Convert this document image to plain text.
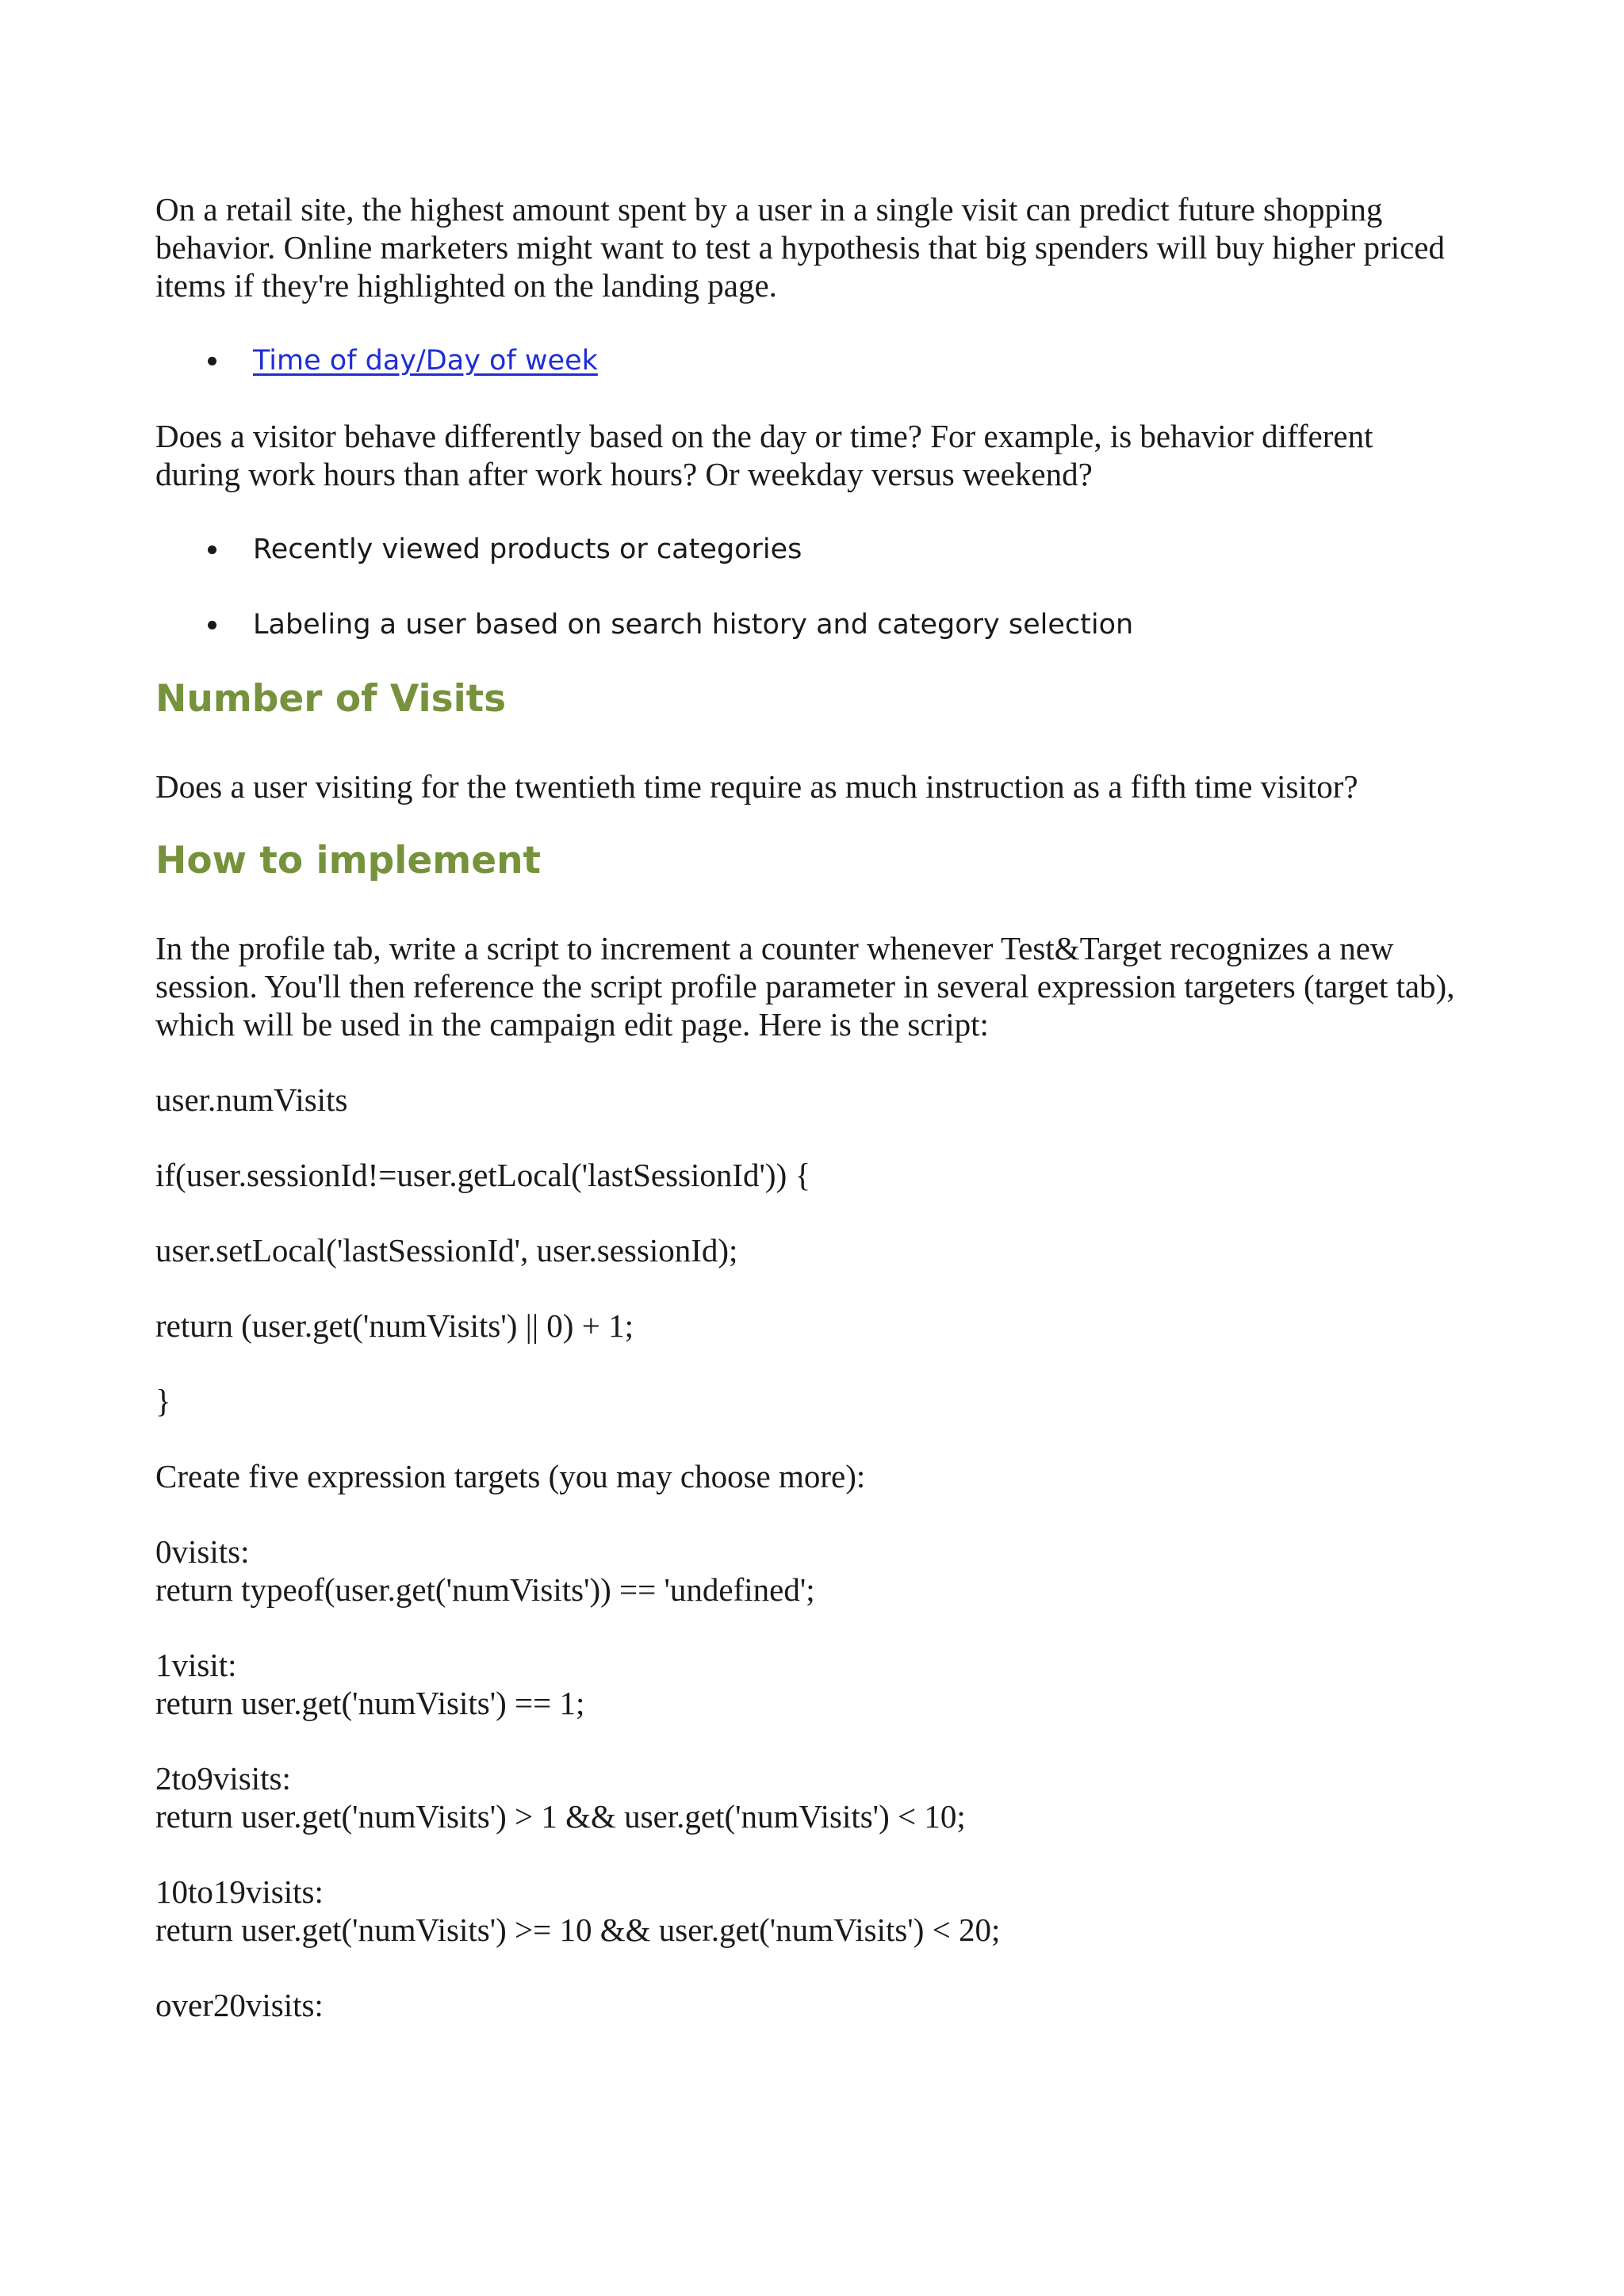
On a retail site, the highest amount spent by a user in a single visit can predict future shopping
behavior. Online marketers might want to test a hypothesis that big spenders will buy higher priced
items if they're highlighted on the landing page.
Time of day/Day of week
Does a visitor behave differently based on the day or time? For example, is behavior different
during work hours than after work hours? Or weekday versus weekend?
Recently viewed products or categories
Labeling a user based on search history and category selection
Number of Visits
Does a user visiting for the twentieth time require as much instruction as a fifth time visitor?
How to implement
In the profile tab, write a script to increment a counter whenever Test&Target recognizes a new
session. You'll then reference the script profile parameter in several expression targeters (target tab),
which will be used in the campaign edit page. Here is the script:
user.numVisits
if(user.sessionId!=user.getLocal('lastSessionId')) {
user.setLocal('lastSessionId', user.sessionId);
return (user.get('numVisits') || 0) + 1;
}
Create five expression targets (you may choose more):
0visits:
return typeof(user.get('numVisits')) == 'undefined';
1visit:
return user.get('numVisits') == 1;
2to9visits:
return user.get('numVisits') > 1 && user.get('numVisits') < 10;
10to19visits:
return user.get('numVisits') >= 10 && user.get('numVisits') < 20;
over20visits:
